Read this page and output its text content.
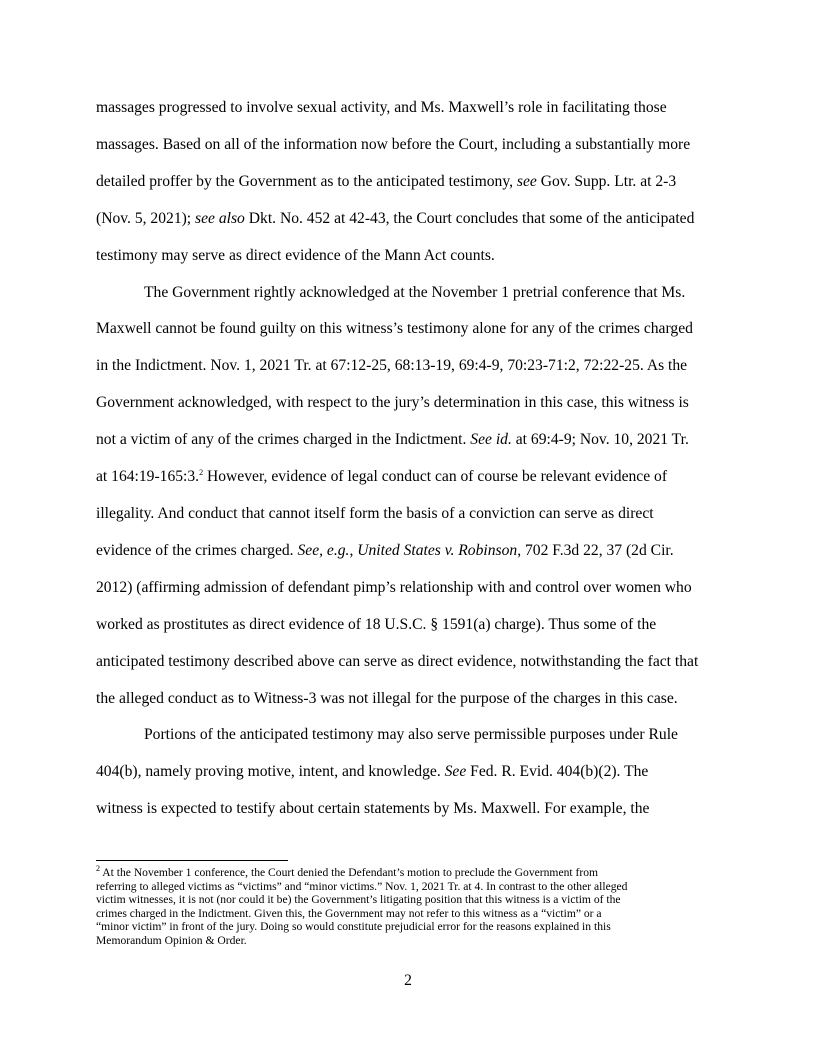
massages progressed to involve sexual activity, and Ms. Maxwell’s role in facilitating those
massages. Based on all of the information now before the Court, including a substantially more
detailed proffer by the Government as to the anticipated testimony, see Gov. Supp. Ltr. at 2-3
(Nov. 5, 2021); see also Dkt. No. 452 at 42-43, the Court concludes that some of the anticipated
testimony may serve as direct evidence of the Mann Act counts.
The Government rightly acknowledged at the November 1 pretrial conference that Ms.
Maxwell cannot be found guilty on this witness’s testimony alone for any of the crimes charged
in the Indictment. Nov. 1, 2021 Tr. at 67:12-25, 68:13-19, 69:4-9, 70:23-71:2, 72:22-25. As the
Government acknowledged, with respect to the jury’s determination in this case, this witness is
not a victim of any of the crimes charged in the Indictment. See id. at 69:4-9; Nov. 10, 2021 Tr.
at 164:19-165:3.$^2$ However, evidence of legal conduct can of course be relevant evidence of
illegality. And conduct that cannot itself form the basis of a conviction can serve as direct
evidence of the crimes charged. See, e.g., United States v. Robinson, 702 F.3d 22, 37 (2d Cir.
2012) (affirming admission of defendant pimp’s relationship with and control over women who
worked as prostitutes as direct evidence of 18 U.S.C. § 1591(a) charge). Thus some of the
anticipated testimony described above can serve as direct evidence, notwithstanding the fact that
the alleged conduct as to Witness-3 was not illegal for the purpose of the charges in this case.
Portions of the anticipated testimony may also serve permissible purposes under Rule
404(b), namely proving motive, intent, and knowledge. See Fed. R. Evid. 404(b)(2). The
witness is expected to testify about certain statements by Ms. Maxwell. For example, the
$^2$ At the November 1 conference, the Court denied the Defendant’s motion to preclude the Government from
referring to alleged victims as “victims” and “minor victims.” Nov. 1, 2021 Tr. at 4. In contrast to the other alleged
victim witnesses, it is not (nor could it be) the Government’s litigating position that this witness is a victim of the
crimes charged in the Indictment. Given this, the Government may not refer to this witness as a “victim” or a
“minor victim” in front of the jury. Doing so would constitute prejudicial error for the reasons explained in this
Memorandum Opinion & Order.
2
